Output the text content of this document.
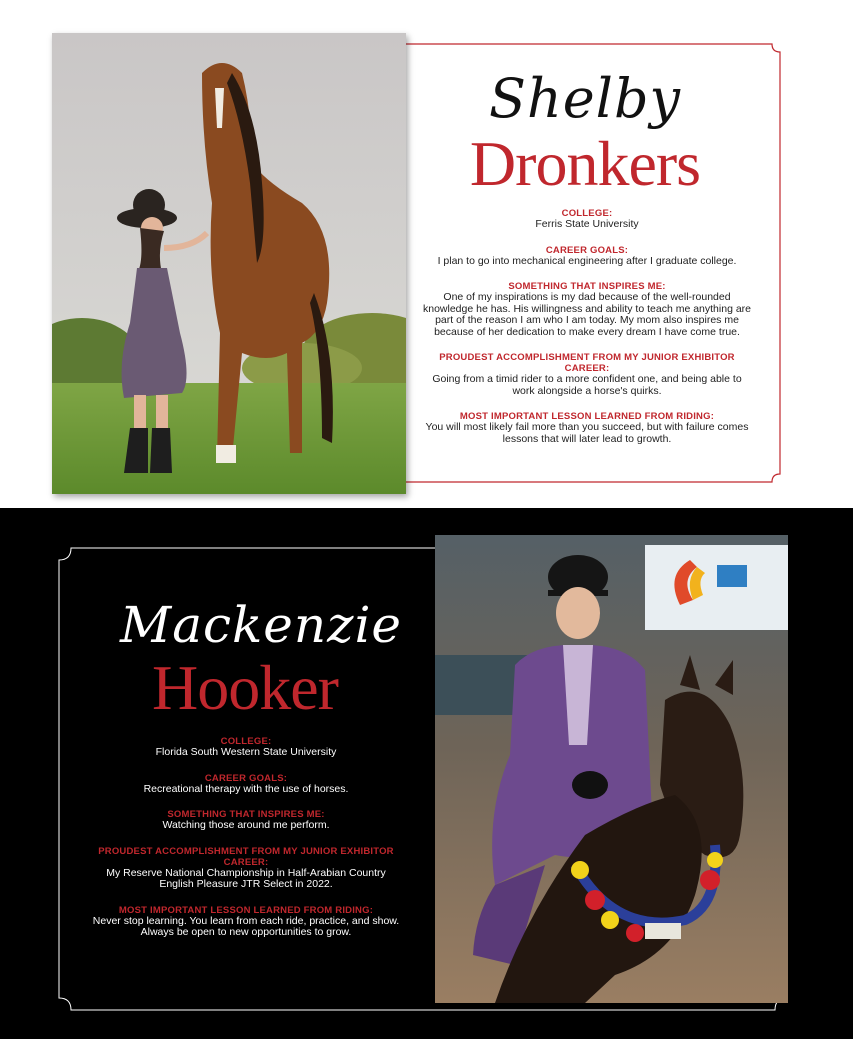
Shelby
Dronkers
COLLEGE:
Ferris State University
CAREER GOALS:
I plan to go into mechanical engineering after I graduate college.
SOMETHING THAT INSPIRES ME:
One of my inspirations is my dad because of the well-rounded knowledge he has. His willingness and ability to teach me anything are part of the reason I am who I am today. My mom also inspires me because of her dedication to make every dream I have come true.
PROUDEST ACCOMPLISHMENT FROM MY JUNIOR EXHIBITOR CAREER:
Going from a timid rider to a more confident one, and being able to work alongside a horse's quirks.
MOST IMPORTANT LESSON LEARNED FROM RIDING:
You will most likely fail more than you succeed, but with failure comes lessons that will later lead to growth.
Mackenzie
Hooker
COLLEGE:
Florida South Western State University
CAREER GOALS:
Recreational therapy with the use of horses.
SOMETHING THAT INSPIRES ME:
Watching those around me perform.
PROUDEST ACCOMPLISHMENT FROM MY JUNIOR EXHIBITOR CAREER:
My Reserve National Championship in Half-Arabian Country English Pleasure JTR Select in 2022.
MOST IMPORTANT LESSON LEARNED FROM RIDING:
Never stop learning. You learn from each ride, practice, and show. Always be open to new opportunities to grow.
